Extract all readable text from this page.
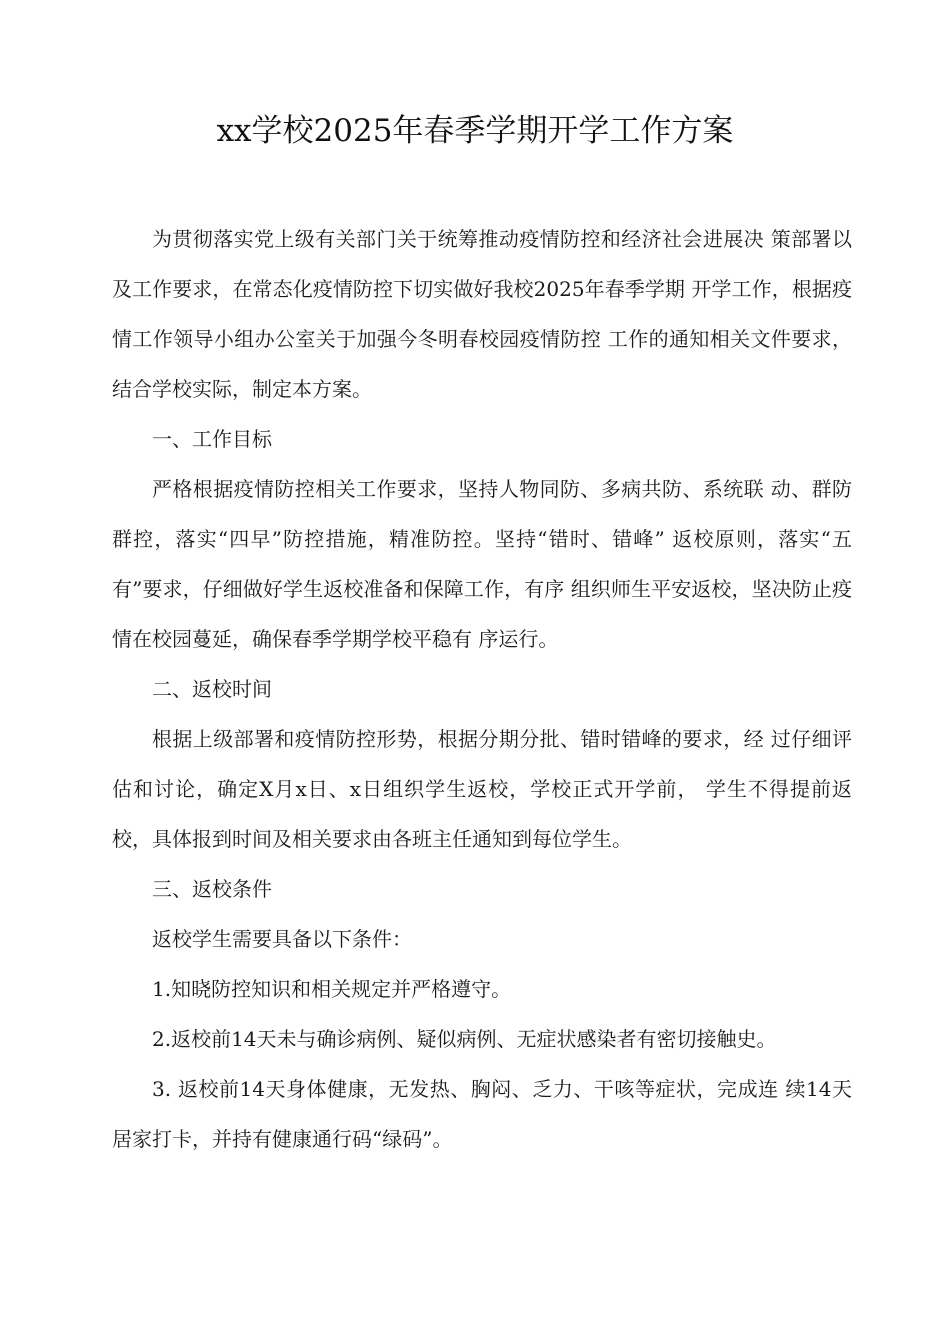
xx学校2025年春季学期开学工作方案

为贯彻落实党上级有关部门关于统筹推动疫情防控和经济社会进展决 策部署以及工作要求，在常态化疫情防控下切实做好我校2025年春季学期 开学工作，根据疫情工作领导小组办公室关于加强今冬明春校园疫情防控 工作的通知相关文件要求，结合学校实际，制定本方案。

一、工作目标

严格根据疫情防控相关工作要求，坚持人物同防、多病共防、系统联 动、群防群控，落实“四早”防控措施，精准防控。坚持“错时、错峰” 返校原则，落实“五有”要求，仔细做好学生返校准备和保障工作，有序 组织师生平安返校，坚决防止疫情在校园蔓延，确保春季学期学校平稳有 序运行。

二、返校时间

根据上级部署和疫情防控形势，根据分期分批、错时错峰的要求，经 过仔细评估和讨论，确定X月x日、x日组织学生返校，学校正式开学前， 学生不得提前返校，具体报到时间及相关要求由各班主任通知到每位学生。

三、返校条件

返校学生需要具备以下条件：

1.知晓防控知识和相关规定并严格遵守。

2.返校前14天未与确诊病例、疑似病例、无症状感染者有密切接触史。

3. 返校前14天身体健康，无发热、胸闷、乏力、干咳等症状，完成连 续14天居家打卡，并持有健康通行码“绿码”。
